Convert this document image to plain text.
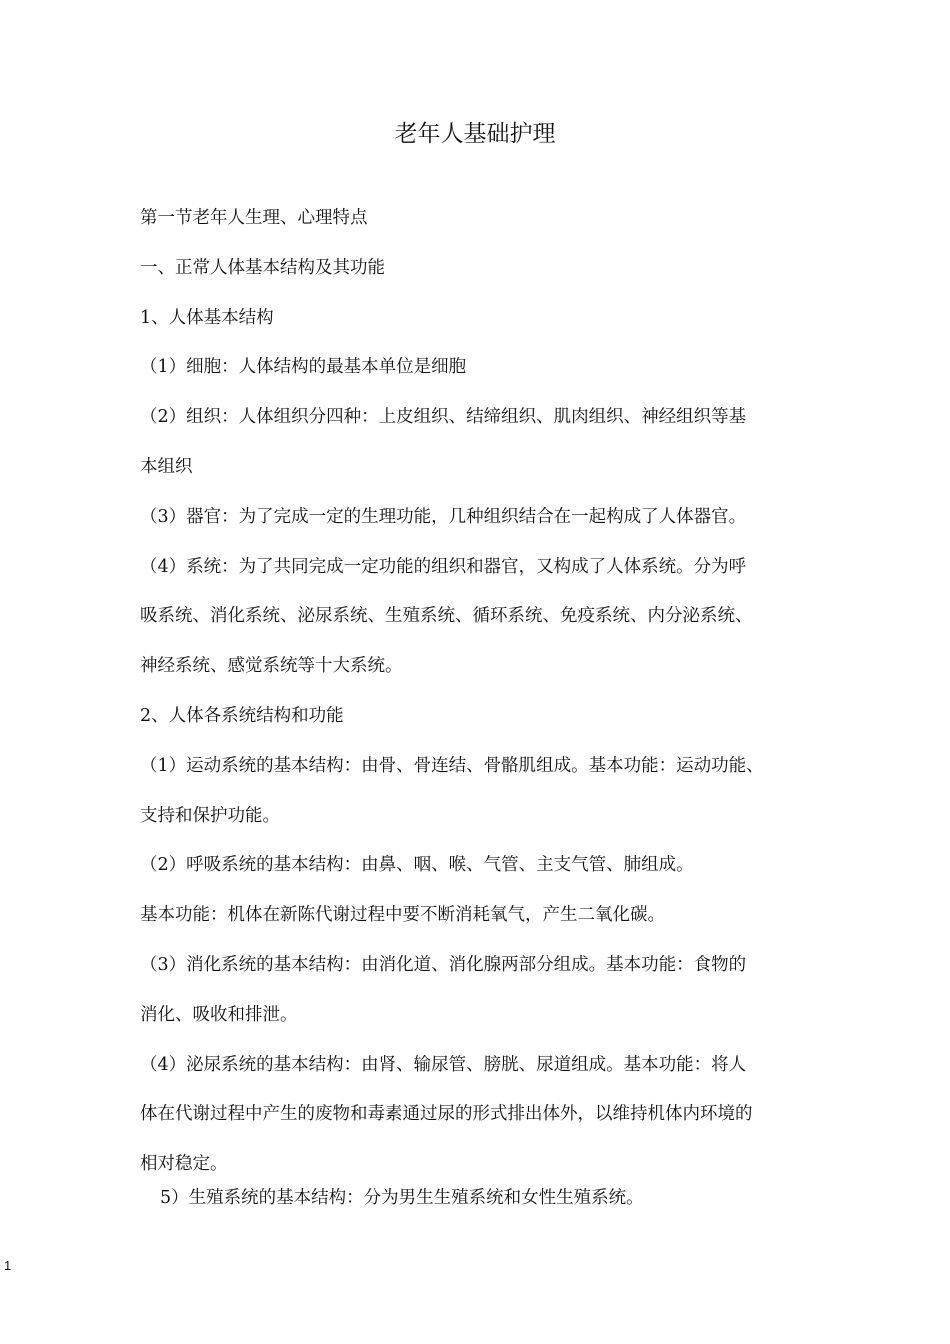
老年人基础护理
第一节老年人生理、心理特点
一、正常人体基本结构及其功能
1、人体基本结构
（1）细胞：人体结构的最基本单位是细胞
（2）组织：人体组织分四种：上皮组织、结缔组织、肌肉组织、神经组织等基
本组织
（3）器官：为了完成一定的生理功能，几种组织结合在一起构成了人体器官。
（4）系统：为了共同完成一定功能的组织和器官，又构成了人体系统。分为呼
吸系统、消化系统、泌尿系统、生殖系统、循环系统、免疫系统、内分泌系统、
神经系统、感觉系统等十大系统。
2、人体各系统结构和功能
（1）运动系统的基本结构：由骨、骨连结、骨骼肌组成。基本功能：运动功能、
支持和保护功能。
（2）呼吸系统的基本结构：由鼻、咽、喉、气管、主支气管、肺组成。
基本功能：机体在新陈代谢过程中要不断消耗氧气，产生二氧化碳。
（3）消化系统的基本结构：由消化道、消化腺两部分组成。基本功能：食物的
消化、吸收和排泄。
（4）泌尿系统的基本结构：由肾、输尿管、膀胱、尿道组成。基本功能：将人
体在代谢过程中产生的废物和毒素通过尿的形式排出体外，以维持机体内环境的
相对稳定。
5）生殖系统的基本结构：分为男生生殖系统和女性生殖系统。
1
